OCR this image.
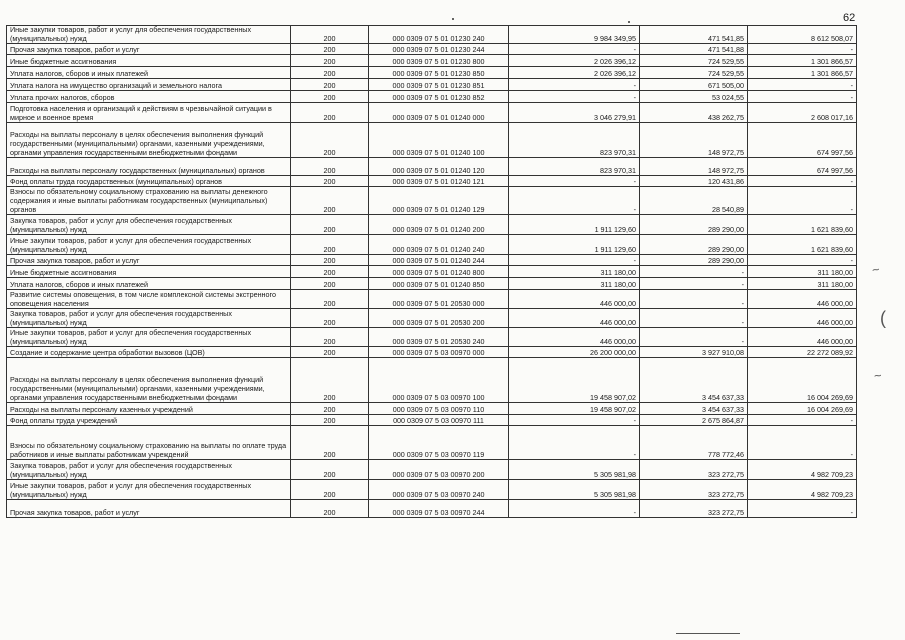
62
Иные закупки товаров, работ и услуг для обеспечения государственных (муниципальных) нужд	200	000 0309 07 5 01 01230 240	9 984 349,95	471 541,85	8 612 508,07
Прочая закупка товаров, работ и услуг	200	000 0309 07 5 01 01230 244	-	471 541,88	-
Иные бюджетные ассигнования	200	000 0309 07 5 01 01230 800	2 026 396,12	724 529,55	1 301 866,57
Уплата налогов, сборов и иных платежей	200	000 0309 07 5 01 01230 850	2 026 396,12	724 529,55	1 301 866,57
Уплата налога на имущество организаций и земельного налога	200	000 0309 07 5 01 01230 851	-	671 505,00	-
Уплата прочих налогов, сборов	200	000 0309 07 5 01 01230 852	-	53 024,55	-
Подготовка населения и организаций к действиям в чрезвычайной ситуации в мирное и военное время	200	000 0309 07 5 01 01240 000	3 046 279,91	438 262,75	2 608 017,16
Расходы на выплаты персоналу в целях обеспечения выполнения функций государственными (муниципальными) органами, казенными учреждениями, органами управления государственными внебюджетными фондами	200	000 0309 07 5 01 01240 100	823 970,31	148 972,75	674 997,56
Расходы на выплаты персоналу государственных (муниципальных) органов	200	000 0309 07 5 01 01240 120	823 970,31	148 972,75	674 997,56
Фонд оплаты труда государственных (муниципальных) органов	200	000 0309 07 5 01 01240 121	-	120 431,86	-
Взносы по обязательному социальному страхованию на выплаты денежного содержания и иные выплаты работникам государственных (муниципальных) органов	200	000 0309 07 5 01 01240 129	-	28 540,89	-
Закупка товаров, работ и услуг для обеспечения государственных (муниципальных) нужд	200	000 0309 07 5 01 01240 200	1 911 129,60	289 290,00	1 621 839,60
Иные закупки товаров, работ и услуг для обеспечения государственных (муниципальных) нужд	200	000 0309 07 5 01 01240 240	1 911 129,60	289 290,00	1 621 839,60
Прочая закупка товаров, работ и услуг	200	000 0309 07 5 01 01240 244	-	289 290,00	-
Иные бюджетные ассигнования	200	000 0309 07 5 01 01240 800	311 180,00	-	311 180,00
Уплата налогов, сборов и иных платежей	200	000 0309 07 5 01 01240 850	311 180,00	-	311 180,00
Развитие системы оповещения, в том числе комплексной системы экстренного оповещения населения	200	000 0309 07 5 01 20530 000	446 000,00	-	446 000,00
Закупка товаров, работ и услуг для обеспечения государственных (муниципальных) нужд	200	000 0309 07 5 01 20530 200	446 000,00	-	446 000,00
Иные закупки товаров, работ и услуг для обеспечения государственных (муниципальных) нужд	200	000 0309 07 5 01 20530 240	446 000,00	-	446 000,00
Создание и содержание центра обработки вызовов (ЦОВ)	200	000 0309 07 5 03 00970 000	26 200 000,00	3 927 910,08	22 272 089,92
Расходы на выплаты персоналу в целях обеспечения выполнения функций государственными (муниципальными) органами, казенными учреждениями, органами управления государственными внебюджетными фондами	200	000 0309 07 5 03 00970 100	19 458 907,02	3 454 637,33	16 004 269,69
Расходы на выплаты персоналу казенных учреждений	200	000 0309 07 5 03 00970 110	19 458 907,02	3 454 637,33	16 004 269,69
Фонд оплаты труда учреждений	200	000 0309 07 5 03 00970 111	-	2 675 864,87	-
Взносы по обязательному социальному страхованию на выплаты по оплате труда работников и иные выплаты работникам учреждений	200	000 0309 07 5 03 00970 119	-	778 772,46	-
Закупка товаров, работ и услуг для обеспечения государственных (муниципальных) нужд	200	000 0309 07 5 03 00970 200	5 305 981,98	323 272,75	4 982 709,23
Иные закупки товаров, работ и услуг для обеспечения государственных (муниципальных) нужд	200	000 0309 07 5 03 00970 240	5 305 981,98	323 272,75	4 982 709,23
Прочая закупка товаров, работ и услуг	200	000 0309 07 5 03 00970 244	-	323 272,75	-
~
(
~
